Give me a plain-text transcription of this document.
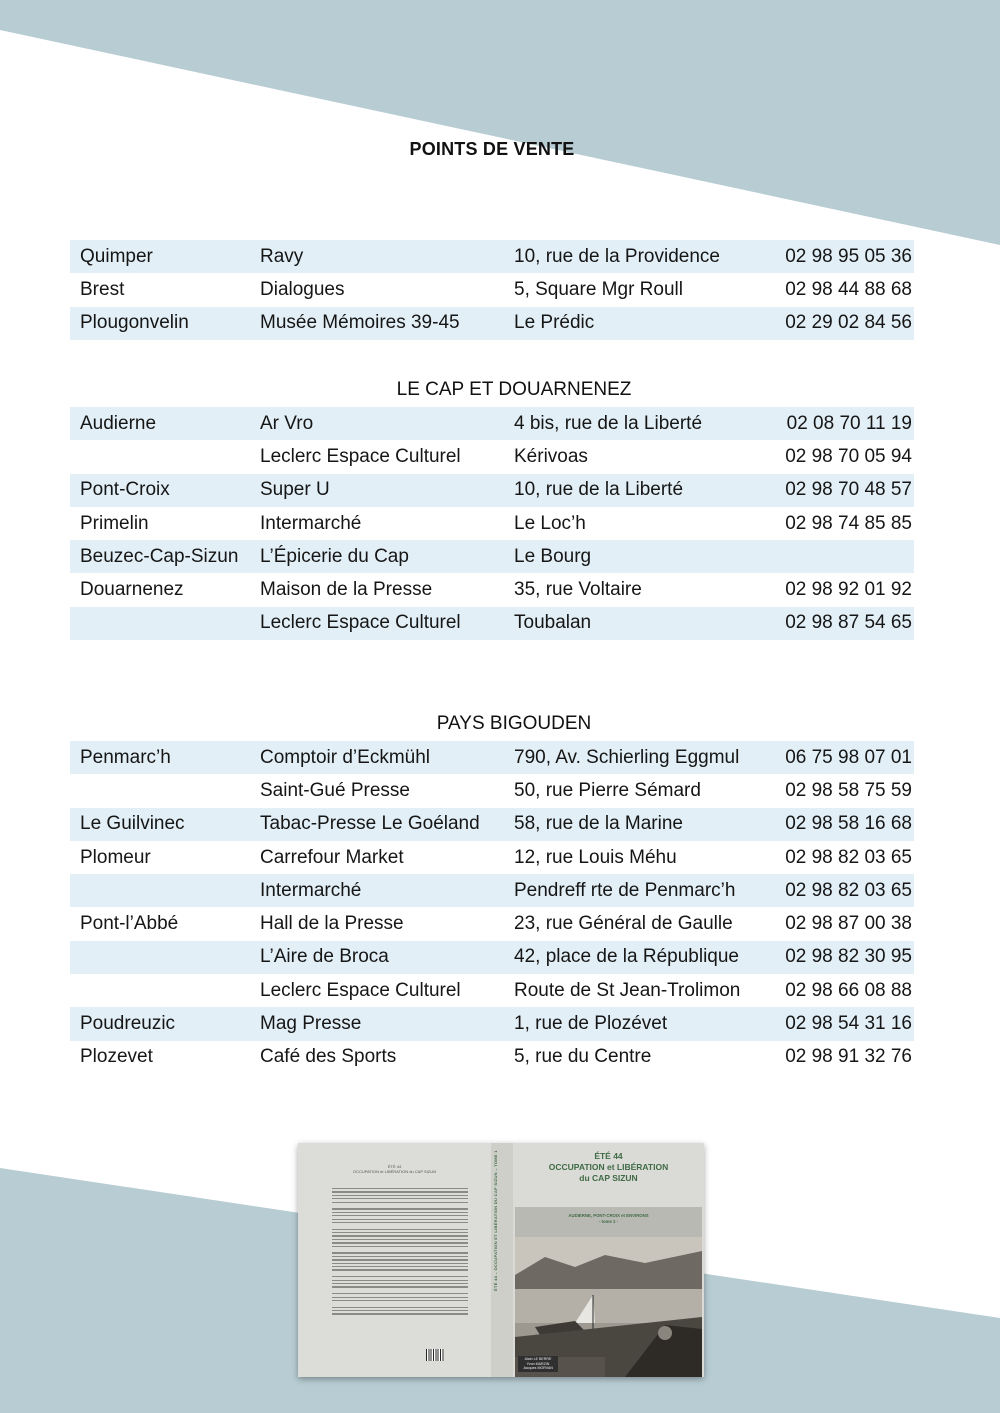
POINTS DE VENTE
Quimper	Ravy	10, rue de la Providence	02 98 95 05 36
Brest	Dialogues	5, Square Mgr Roull	02 98 44 88 68
Plougonvelin	Musée Mémoires 39-45	Le Prédic	02 29 02 84 56
LE CAP ET DOUARNENEZ
Audierne	Ar Vro	4 bis, rue de la Liberté	02 08 70 11 19
	Leclerc Espace Culturel	Kérivoas	02 98 70 05 94
Pont-Croix	Super U	10, rue de la Liberté	02 98 70 48 57
Primelin	Intermarché	Le Loc’h	02 98 74 85 85
Beuzec-Cap-Sizun	L’Épicerie du Cap	Le Bourg	
Douarnenez	Maison de la Presse	35, rue Voltaire	02 98 92 01 92
	Leclerc Espace Culturel	Toubalan	02 98 87 54 65
PAYS BIGOUDEN
Penmarc’h	Comptoir d’Eckmühl	790, Av. Schierling Eggmul	06 75 98 07 01
	Saint-Gué Presse	50, rue Pierre Sémard	02 98 58 75 59
Le Guilvinec	Tabac-Presse Le Goéland	58, rue de la Marine	02 98 58 16 68
Plomeur	Carrefour Market	12, rue Louis Méhu	02 98 82 03 65
	Intermarché	Pendreff rte de Penmarc’h	02 98 82 03 65
Pont-l’Abbé	Hall de la Presse	23, rue Général de Gaulle	02 98 87 00 38
	L’Aire de Broca	42, place de la République	02 98 82 30 95
	Leclerc Espace Culturel	Route de St Jean-Trolimon	02 98 66 08 88
Poudreuzic	Mag Presse	1, rue de Plozévet	02 98 54 31 16
Plozevet	Café des Sports	5, rue du Centre	02 98 91 32 76
ÉTÉ 44
OCCUPATION et LIBÉRATION du CAP SIZUN	ÉTÉ 44 – OCCUPATION ET LIBÉRATION DU CAP SIZUN – TOME 1	ÉTÉ 44
OCCUPATION et LIBÉRATION
du CAP SIZUN
AUDIERNE, PONT-CROIX et ENVIRONS
- tome 1 -
Alain LE BERRE
Yvon MARZIN
Jacques MORVAN
